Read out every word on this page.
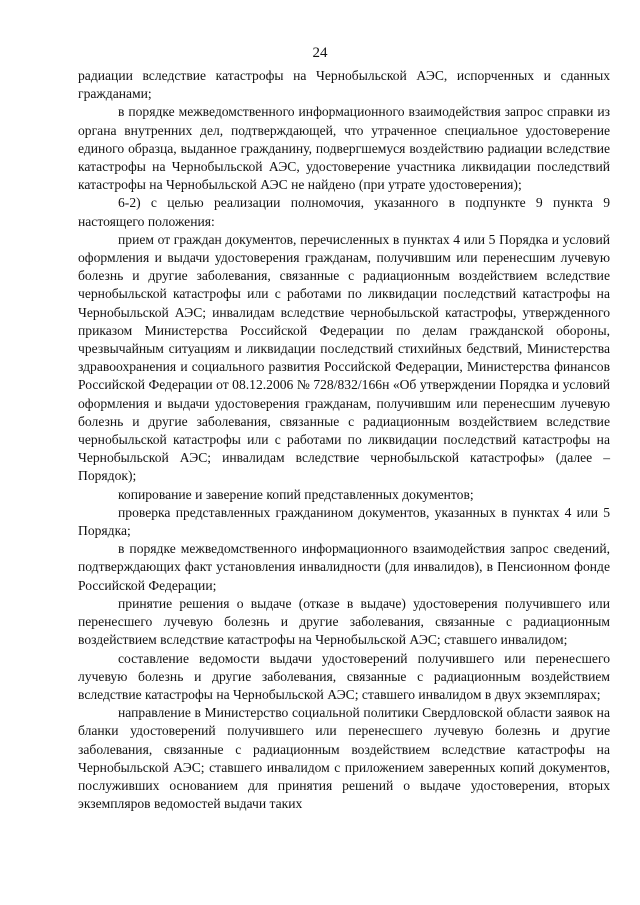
24

радиации вследствие катастрофы на Чернобыльской АЭС, испорченных и сданных гражданами;

в порядке межведомственного информационного взаимодействия запрос справки из органа внутренних дел, подтверждающей, что утраченное специальное удостоверение единого образца, выданное гражданину, подвергшемуся воздействию радиации вследствие катастрофы на Чернобыльской АЭС, удостоверение участника ликвидации последствий катастрофы на Чернобыльской АЭС не найдено (при утрате удостоверения);

6-2) с целью реализации полномочия, указанного в подпункте 9 пункта 9 настоящего положения:

прием от граждан документов, перечисленных в пунктах 4 или 5 Порядка и условий оформления и выдачи удостоверения гражданам, получившим или перенесшим лучевую болезнь и другие заболевания, связанные с радиационным воздействием вследствие чернобыльской катастрофы или с работами по ликвидации последствий катастрофы на Чернобыльской АЭС; инвалидам вследствие чернобыльской катастрофы, утвержденного приказом Министерства Российской Федерации по делам гражданской обороны, чрезвычайным ситуациям и ликвидации последствий стихийных бедствий, Министерства здравоохранения и социального развития Российской Федерации, Министерства финансов Российской Федерации от 08.12.2006 № 728/832/166н «Об утверждении Порядка и условий оформления и выдачи удостоверения гражданам, получившим или перенесшим лучевую болезнь и другие заболевания, связанные с радиационным воздействием вследствие чернобыльской катастрофы или с работами по ликвидации последствий катастрофы на Чернобыльской АЭС; инвалидам вследствие чернобыльской катастрофы» (далее – Порядок);

копирование и заверение копий представленных документов;

проверка представленных гражданином документов, указанных в пунктах 4 или 5 Порядка;

в порядке межведомственного информационного взаимодействия запрос сведений, подтверждающих факт установления инвалидности (для инвалидов), в Пенсионном фонде Российской Федерации;

принятие решения о выдаче (отказе в выдаче) удостоверения получившего или перенесшего лучевую болезнь и другие заболевания, связанные с радиационным воздействием вследствие катастрофы на Чернобыльской АЭС; ставшего инвалидом;

составление ведомости выдачи удостоверений получившего или перенесшего лучевую болезнь и другие заболевания, связанные с радиационным воздействием вследствие катастрофы на Чернобыльской АЭС; ставшего инвалидом в двух экземплярах;

направление в Министерство социальной политики Свердловской области заявок на бланки удостоверений получившего или перенесшего лучевую болезнь и другие заболевания, связанные с радиационным воздействием вследствие катастрофы на Чернобыльской АЭС; ставшего инвалидом с приложением заверенных копий документов, послуживших основанием для принятия решений о выдаче удостоверения, вторых экземпляров ведомостей выдачи таких
